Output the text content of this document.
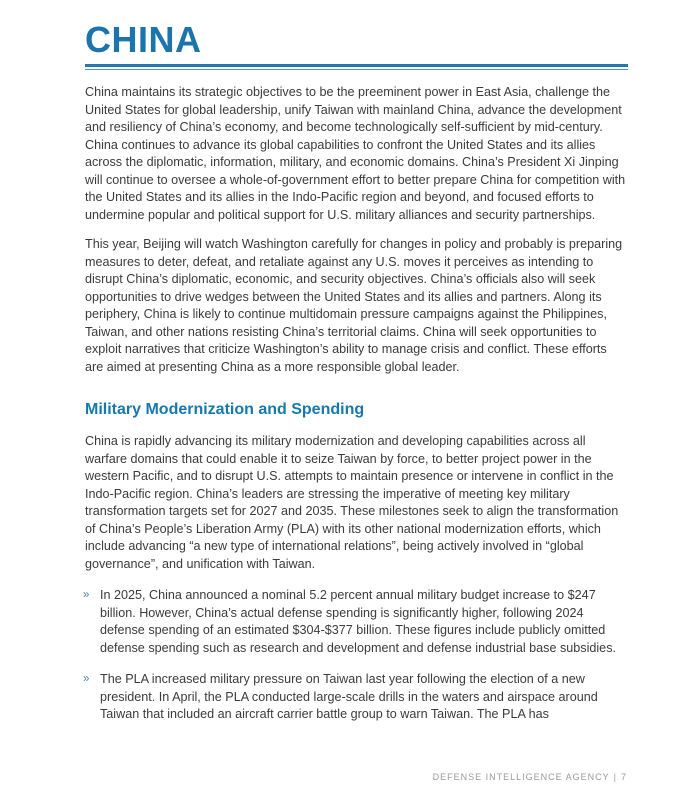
CHINA

China maintains its strategic objectives to be the preeminent power in East Asia, challenge the United States for global leadership, unify Taiwan with mainland China, advance the development and resiliency of China’s economy, and become technologically self-sufficient by mid-century. China continues to advance its global capabilities to confront the United States and its allies across the diplomatic, information, military, and economic domains. China’s President Xi Jinping will continue to oversee a whole-of-government effort to better prepare China for competition with the United States and its allies in the Indo-Pacific region and beyond, and focused efforts to undermine popular and political support for U.S. military alliances and security partnerships.

This year, Beijing will watch Washington carefully for changes in policy and probably is preparing measures to deter, defeat, and retaliate against any U.S. moves it perceives as intending to disrupt China’s diplomatic, economic, and security objectives. China’s officials also will seek opportunities to drive wedges between the United States and its allies and partners. Along its periphery, China is likely to continue multidomain pressure campaigns against the Philippines, Taiwan, and other nations resisting China’s territorial claims. China will seek opportunities to exploit narratives that criticize Washington’s ability to manage crisis and conflict. These efforts are aimed at presenting China as a more responsible global leader.

Military Modernization and Spending

China is rapidly advancing its military modernization and developing capabilities across all warfare domains that could enable it to seize Taiwan by force, to better project power in the western Pacific, and to disrupt U.S. attempts to maintain presence or intervene in conflict in the Indo-Pacific region. China’s leaders are stressing the imperative of meeting key military transformation targets set for 2027 and 2035. These milestones seek to align the transformation of China’s People’s Liberation Army (PLA) with its other national modernization efforts, which include advancing “a new type of international relations”, being actively involved in “global governance”, and unification with Taiwan.

» In 2025, China announced a nominal 5.2 percent annual military budget increase to $247 billion. However, China’s actual defense spending is significantly higher, following 2024 defense spending of an estimated $304-$377 billion. These figures include publicly omitted defense spending such as research and development and defense industrial base subsidies.
» The PLA increased military pressure on Taiwan last year following the election of a new president. In April, the PLA conducted large-scale drills in the waters and airspace around Taiwan that included an aircraft carrier battle group to warn Taiwan. The PLA has
DEFENSE INTELLIGENCE AGENCY | 7
